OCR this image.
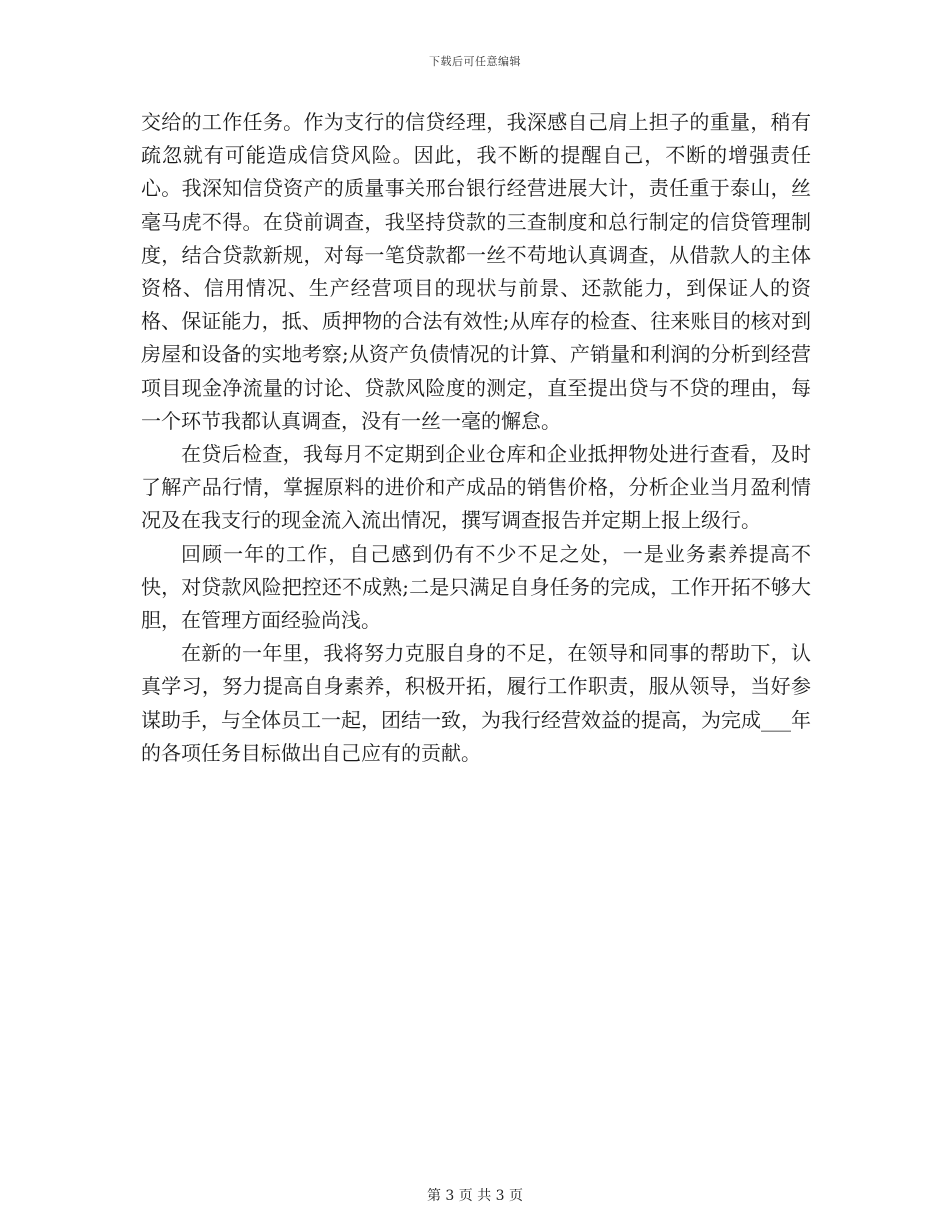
下载后可任意编辑

交给的工作任务。作为支行的信贷经理，我深感自己肩上担子的重量，稍有疏忽就有可能造成信贷风险。因此，我不断的提醒自己，不断的增强责任心。我深知信贷资产的质量事关邢台银行经营进展大计，责任重于泰山，丝毫马虎不得。在贷前调查，我坚持贷款的三查制度和总行制定的信贷管理制度，结合贷款新规，对每一笔贷款都一丝不苟地认真调查，从借款人的主体资格、信用情况、生产经营项目的现状与前景、还款能力，到保证人的资格、保证能力，抵、质押物的合法有效性;从库存的检查、往来账目的核对到房屋和设备的实地考察;从资产负债情况的计算、产销量和利润的分析到经营项目现金净流量的讨论、贷款风险度的测定，直至提出贷与不贷的理由，每一个环节我都认真调查，没有一丝一毫的懈怠。

在贷后检查，我每月不定期到企业仓库和企业抵押物处进行查看，及时了解产品行情，掌握原料的进价和产成品的销售价格，分析企业当月盈利情况及在我支行的现金流入流出情况，撰写调查报告并定期上报上级行。

回顾一年的工作，自己感到仍有不少不足之处，一是业务素养提高不快，对贷款风险把控还不成熟;二是只满足自身任务的完成，工作开拓不够大胆，在管理方面经验尚浅。

在新的一年里，我将努力克服自身的不足，在领导和同事的帮助下，认真学习，努力提高自身素养，积极开拓，履行工作职责，服从领导，当好参谋助手，与全体员工一起，团结一致，为我行经营效益的提高，为完成___年的各项任务目标做出自己应有的贡献。

第 3 页 共 3 页
